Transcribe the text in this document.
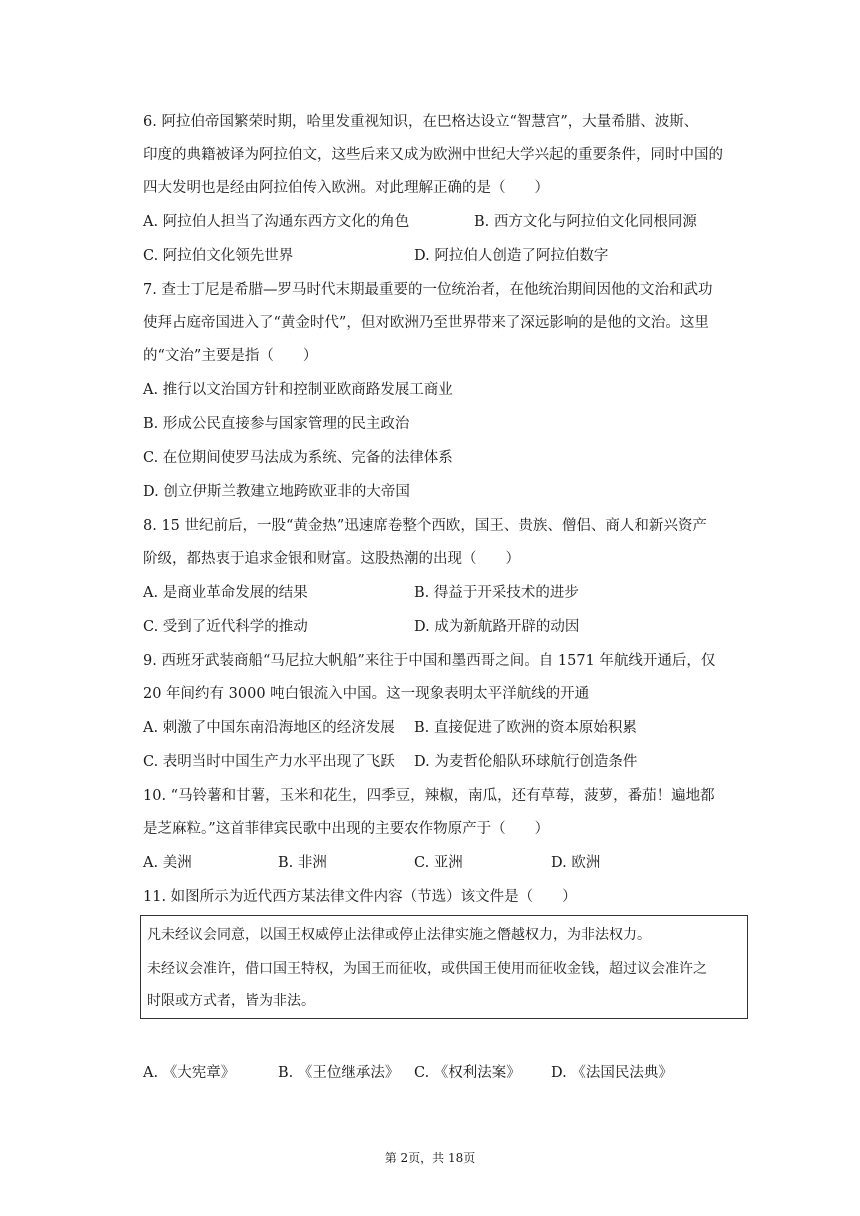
6. 阿拉伯帝国繁荣时期，哈里发重视知识，在巴格达设立“智慧宫”，大量希腊、波斯、
印度的典籍被译为阿拉伯文，这些后来又成为欧洲中世纪大学兴起的重要条件，同时中国的
四大发明也是经由阿拉伯传入欧洲。对此理解正确的是（　　）
A. 阿拉伯人担当了沟通东西方文化的角色	B. 西方文化与阿拉伯文化同根同源
C. 阿拉伯文化领先世界	D. 阿拉伯人创造了阿拉伯数字
7. 查士丁尼是希腊—罗马时代末期最重要的一位统治者，在他统治期间因他的文治和武功
使拜占庭帝国进入了“黄金时代”，但对欧洲乃至世界带来了深远影响的是他的文治。这里
的“文治”主要是指（　　）
A. 推行以文治国方针和控制亚欧商路发展工商业
B. 形成公民直接参与国家管理的民主政治
C. 在位期间使罗马法成为系统、完备的法律体系
D. 创立伊斯兰教建立地跨欧亚非的大帝国
8. 15 世纪前后，一股“黄金热”迅速席卷整个西欧，国王、贵族、僧侣、商人和新兴资产
阶级，都热衷于追求金银和财富。这股热潮的出现（　　）
A. 是商业革命发展的结果	B. 得益于开采技术的进步
C. 受到了近代科学的推动	D. 成为新航路开辟的动因
9. 西班牙武装商船“马尼拉大帆船”来往于中国和墨西哥之间。自 1571 年航线开通后，仅
20 年间约有 3000 吨白银流入中国。这一现象表明太平洋航线的开通
A. 刺激了中国东南沿海地区的经济发展 B. 直接促进了欧洲的资本原始积累
C. 表明当时中国生产力水平出现了飞跃 D. 为麦哲伦船队环球航行创造条件
10. “马铃薯和甘薯，玉米和花生，四季豆，辣椒，南瓜，还有草莓，菠萝，番茄！遍地都
是芝麻粒。”这首菲律宾民歌中出现的主要农作物原产于（　　）
A. 美洲	B. 非洲	C. 亚洲	D. 欧洲
11. 如图所示为近代西方某法律文件内容（节选）该文件是（　　）
凡未经议会同意，以国王权威停止法律或停止法律实施之僭越权力，为非法权力。
未经议会准许，借口国王特权，为国王而征收，或供国王使用而征收金钱，超过议会准许之
时限或方式者，皆为非法。
A. 《大宪章》	B. 《王位继承法》 C. 《权利法案》 D. 《法国民法典》
第 2页，共 18页
